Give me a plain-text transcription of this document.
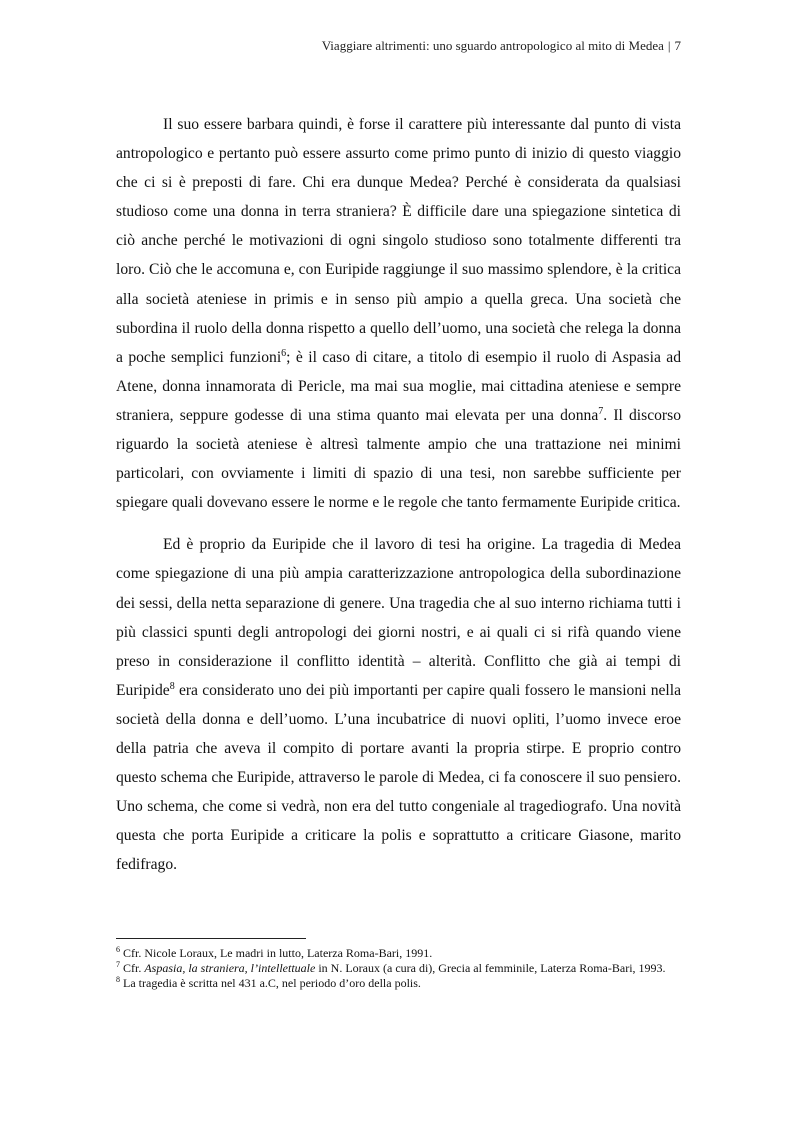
Viaggiare altrimenti: uno sguardo antropologico al mito di Medea | 7

Il suo essere barbara quindi, è forse il carattere più interessante dal punto di vista antropologico e pertanto può essere assurto come primo punto di inizio di questo viaggio che ci si è preposti di fare. Chi era dunque Medea? Perché è considerata da qualsiasi studioso come una donna in terra straniera? È difficile dare una spiegazione sintetica di ciò anche perché le motivazioni di ogni singolo studioso sono totalmente differenti tra loro. Ciò che le accomuna e, con Euripide raggiunge il suo massimo splendore, è la critica alla società ateniese in primis e in senso più ampio a quella greca. Una società che subordina il ruolo della donna rispetto a quello dell’uomo, una società che relega la donna a poche semplici funzioni$^6$; è il caso di citare, a titolo di esempio il ruolo di Aspasia ad Atene, donna innamorata di Pericle, ma mai sua moglie, mai cittadina ateniese e sempre straniera, seppure godesse di una stima quanto mai elevata per una donna$^7$. Il discorso riguardo la società ateniese è altresì talmente ampio che una trattazione nei minimi particolari, con ovviamente i limiti di spazio di una tesi, non sarebbe sufficiente per spiegare quali dovevano essere le norme e le regole che tanto fermamente Euripide critica.

Ed è proprio da Euripide che il lavoro di tesi ha origine. La tragedia di Medea come spiegazione di una più ampia caratterizzazione antropologica della subordinazione dei sessi, della netta separazione di genere. Una tragedia che al suo interno richiama tutti i più classici spunti degli antropologi dei giorni nostri, e ai quali ci si rifà quando viene preso in considerazione il conflitto identità – alterità. Conflitto che già ai tempi di Euripide$^8$ era considerato uno dei più importanti per capire quali fossero le mansioni nella società della donna e dell’uomo. L’una incubatrice di nuovi opliti, l’uomo invece eroe della patria che aveva il compito di portare avanti la propria stirpe. E proprio contro questo schema che Euripide, attraverso le parole di Medea, ci fa conoscere il suo pensiero. Uno schema, che come si vedrà, non era del tutto congeniale al tragediografo. Una novità questa che porta Euripide a criticare la polis e soprattutto a criticare Giasone, marito fedifrago.

$^6$ Cfr. Nicole Loraux, Le madri in lutto, Laterza Roma-Bari, 1991.

$^7$ Cfr. Aspasia, la straniera, l’intellettuale in N. Loraux (a cura di), Grecia al femminile, Laterza Roma-Bari, 1993.

$^8$ La tragedia è scritta nel 431 a.C, nel periodo d’oro della polis.
